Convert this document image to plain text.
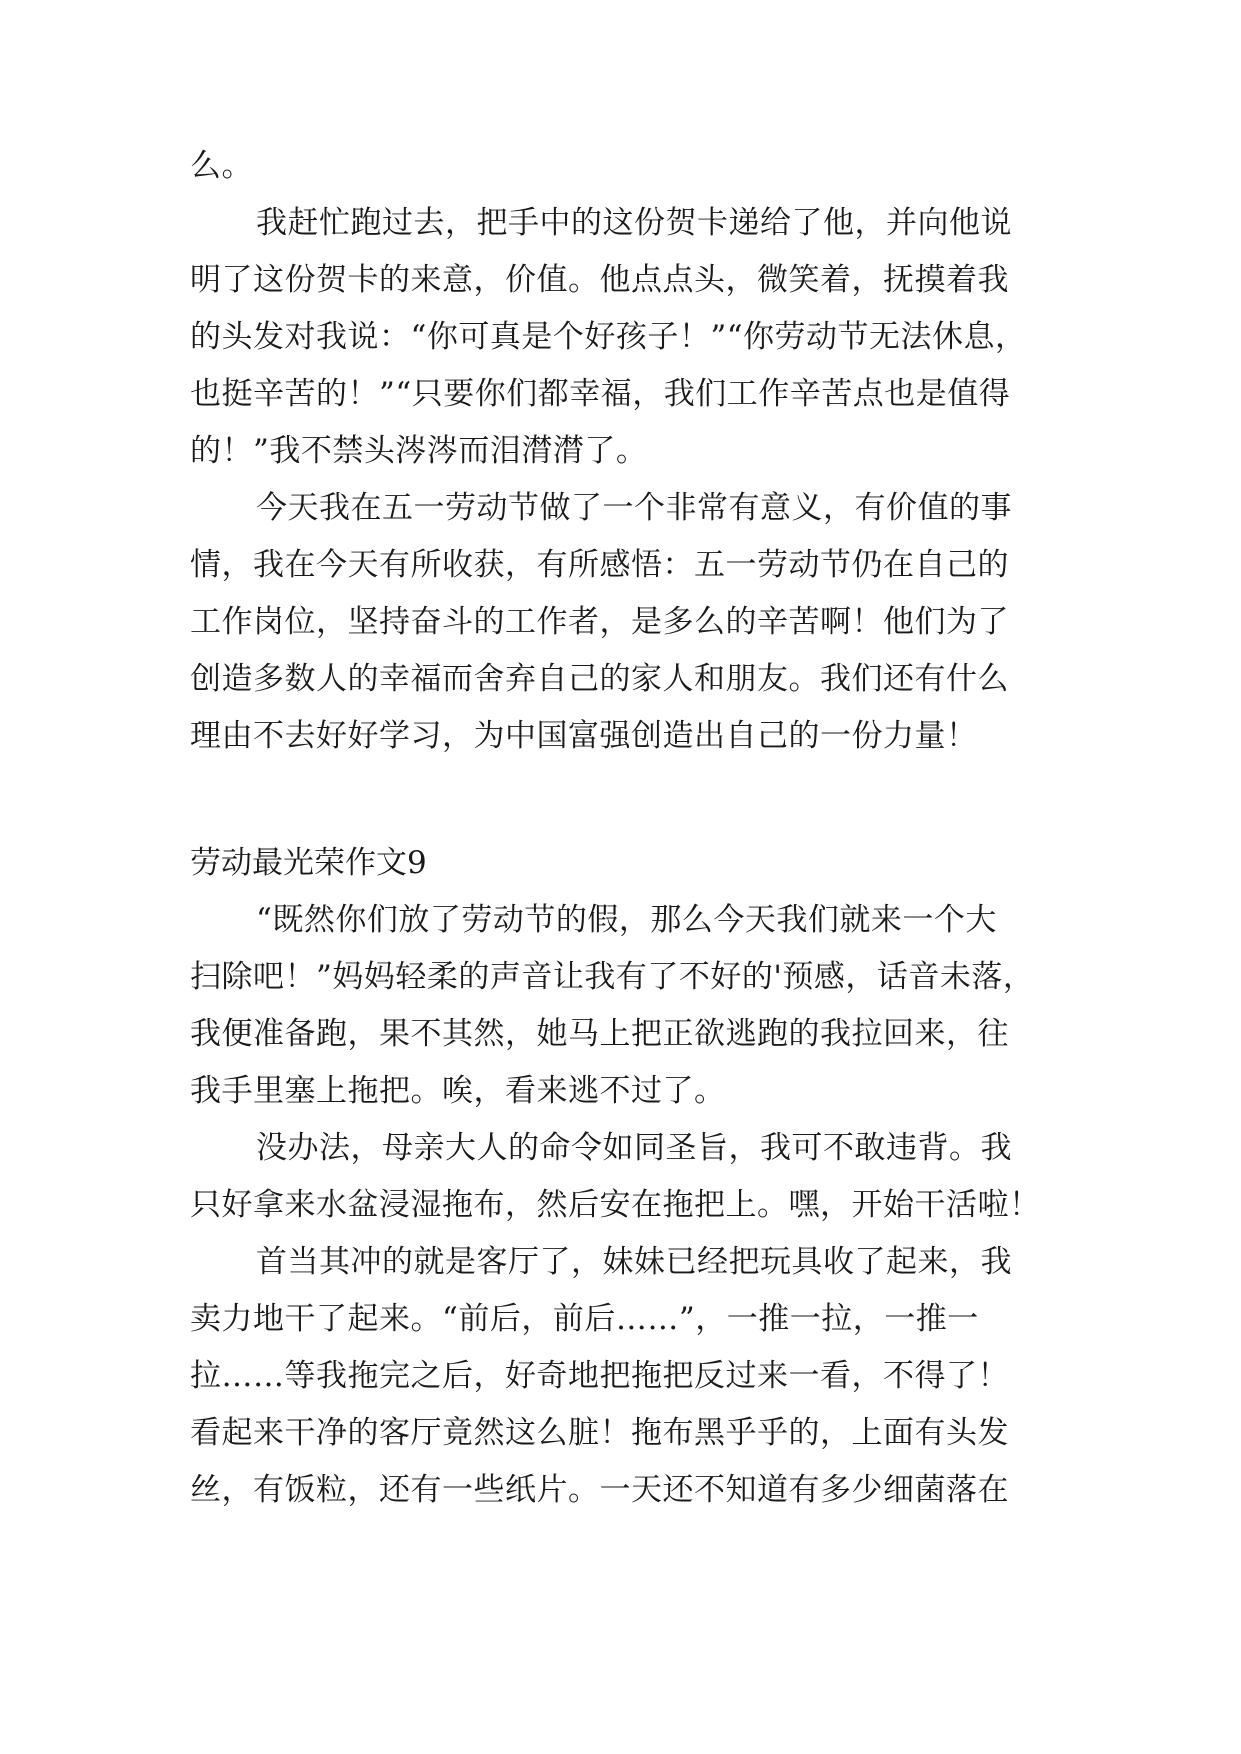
么。
我赶忙跑过去，把手中的这份贺卡递给了他，并向他说
明了这份贺卡的来意，价值。他点点头，微笑着，抚摸着我
的头发对我说：“你可真是个好孩子！”“你劳动节无法休息，
也挺辛苦的！”“只要你们都幸福，我们工作辛苦点也是值得
的！”我不禁头涔涔而泪潸潸了。
今天我在五一劳动节做了一个非常有意义，有价值的事
情，我在今天有所收获，有所感悟：五一劳动节仍在自己的
工作岗位，坚持奋斗的工作者，是多么的辛苦啊！他们为了
创造多数人的幸福而舍弃自己的家人和朋友。我们还有什么
理由不去好好学习，为中国富强创造出自己的一份力量！
劳动最光荣作文9
“既然你们放了劳动节的假，那么今天我们就来一个大
扫除吧！”妈妈轻柔的声音让我有了不好的'预感，话音未落，
我便准备跑，果不其然，她马上把正欲逃跑的我拉回来，往
我手里塞上拖把。唉，看来逃不过了。
没办法，母亲大人的命令如同圣旨，我可不敢违背。我
只好拿来水盆浸湿拖布，然后安在拖把上。嘿，开始干活啦！
首当其冲的就是客厅了，妹妹已经把玩具收了起来，我
卖力地干了起来。“前后，前后……”，一推一拉，一推一
拉……等我拖完之后，好奇地把拖把反过来一看，不得了！
看起来干净的客厅竟然这么脏！拖布黑乎乎的，上面有头发
丝，有饭粒，还有一些纸片。一天还不知道有多少细菌落在
